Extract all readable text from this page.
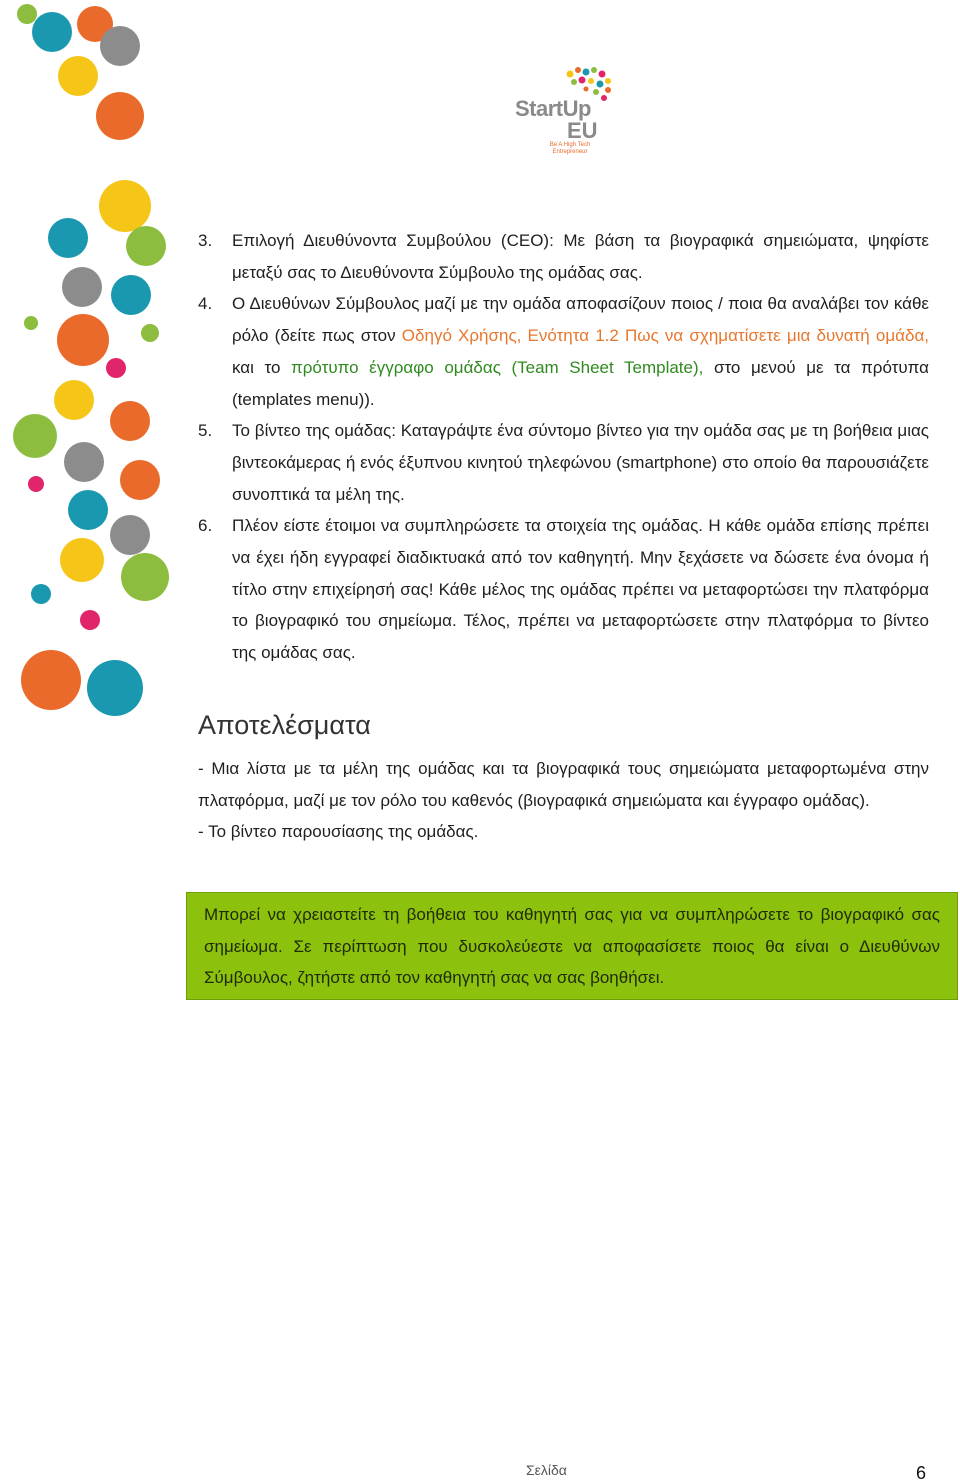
StartUp
EU
Be A High Tech Entrepreneur
3. Επιλογή Διευθύνοντα Συμβούλου (CEO): Με βάση τα βιογραφικά σημειώματα, ψηφίστε μεταξύ σας το Διευθύνοντα Σύμβουλο της ομάδας σας.
4. Ο Διευθύνων Σύμβουλος μαζί με την ομάδα αποφασίζουν ποιος / ποια θα αναλάβει τον κάθε ρόλο (δείτε πως στον Οδηγό Χρήσης, Ενότητα 1.2 Πως να σχηματίσετε μια δυνατή ομάδα, και το πρότυπο έγγραφο ομάδας (Team Sheet Template), στο μενού με τα πρότυπα (templates menu)).
5. Το βίντεο της ομάδας: Καταγράψτε ένα σύντομο βίντεο για την ομάδα σας με τη βοήθεια μιας βιντεοκάμερας ή ενός έξυπνου κινητού τηλεφώνου (smartphone) στο οποίο θα παρουσιάζετε συνοπτικά τα μέλη της.
6. Πλέον είστε έτοιμοι να συμπληρώσετε τα στοιχεία της ομάδας. Η κάθε ομάδα επίσης πρέπει να έχει ήδη εγγραφεί διαδικτυακά από τον καθηγητή. Μην ξεχάσετε να δώσετε ένα όνομα ή τίτλο στην επιχείρησή σας! Κάθε μέλος της ομάδας πρέπει να μεταφορτώσει την πλατφόρμα το βιογραφικό του σημείωμα. Τέλος, πρέπει να μεταφορτώσετε στην πλατφόρμα το βίντεο της ομάδας σας.
Αποτελέσματα

- Μια λίστα με τα μέλη της ομάδας και τα βιογραφικά τους σημειώματα μεταφορτωμένα στην πλατφόρμα, μαζί με τον ρόλο του καθενός (βιογραφικά σημειώματα και έγγραφο ομάδας).

- Το βίντεο παρουσίασης της ομάδας.

Μπορεί να χρειαστείτε τη βοήθεια του καθηγητή σας για να συμπληρώσετε το βιογραφικό σας σημείωμα. Σε περίπτωση που δυσκολεύεστε να αποφασίσετε ποιος θα είναι ο Διευθύνων Σύμβουλος, ζητήστε από τον καθηγητή σας να σας βοηθήσει.

Σελίδα	6
